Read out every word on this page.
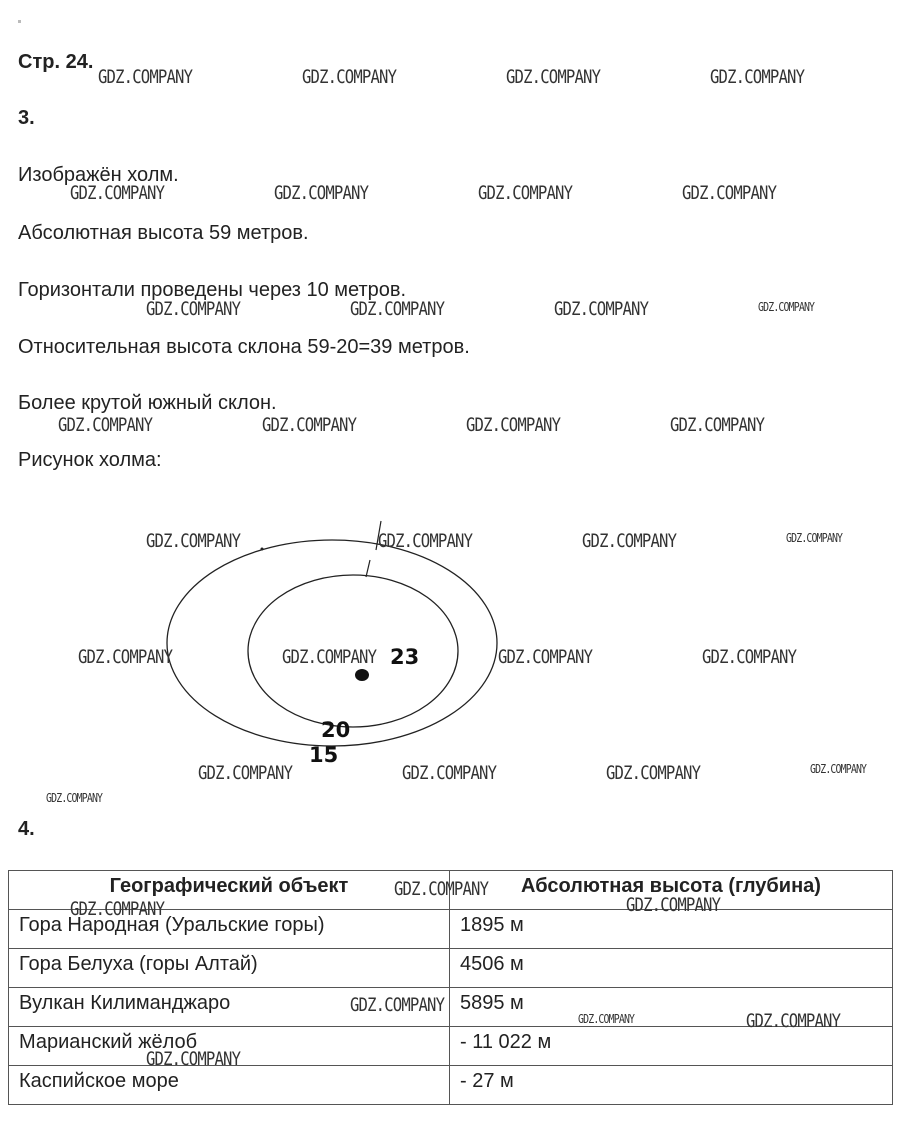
Стр. 24.
3.
Изображён холм.
Абсолютная высота 59 метров.
Горизонтали проведены через 10 метров.
Относительная высота склона 59-20=39 метров.
Более крутой южный склон.
Рисунок холма:
23
20
15
4.
Географический объект	Абсолютная высота (глубина)
Гора Народная (Уральские горы)	1895 м
Гора Белуха (горы Алтай)	4506 м
Вулкан Килиманджаро	5895 м
Марианский жёлоб	- 11 022 м
Каспийское море	- 27 м
GDZ.COMPANY	GDZ.COMPANY	GDZ.COMPANY	GDZ.COMPANY
GDZ.COMPANY	GDZ.COMPANY	GDZ.COMPANY	GDZ.COMPANY
GDZ.COMPANY	GDZ.COMPANY	GDZ.COMPANY	GDZ.COMPANY
GDZ.COMPANY	GDZ.COMPANY	GDZ.COMPANY	GDZ.COMPANY
GDZ.COMPANY	GDZ.COMPANY	GDZ.COMPANY	GDZ.COMPANY
GDZ.COMPANY	GDZ.COMPANY	GDZ.COMPANY	GDZ.COMPANY
GDZ.COMPANY	GDZ.COMPANY	GDZ.COMPANY	GDZ.COMPANY
GDZ.COMPANY
GDZ.COMPANY
GDZ.COMPANY	GDZ.COMPANY
GDZ.COMPANY
GDZ.COMPANY	GDZ.COMPANY
GDZ.COMPANY
